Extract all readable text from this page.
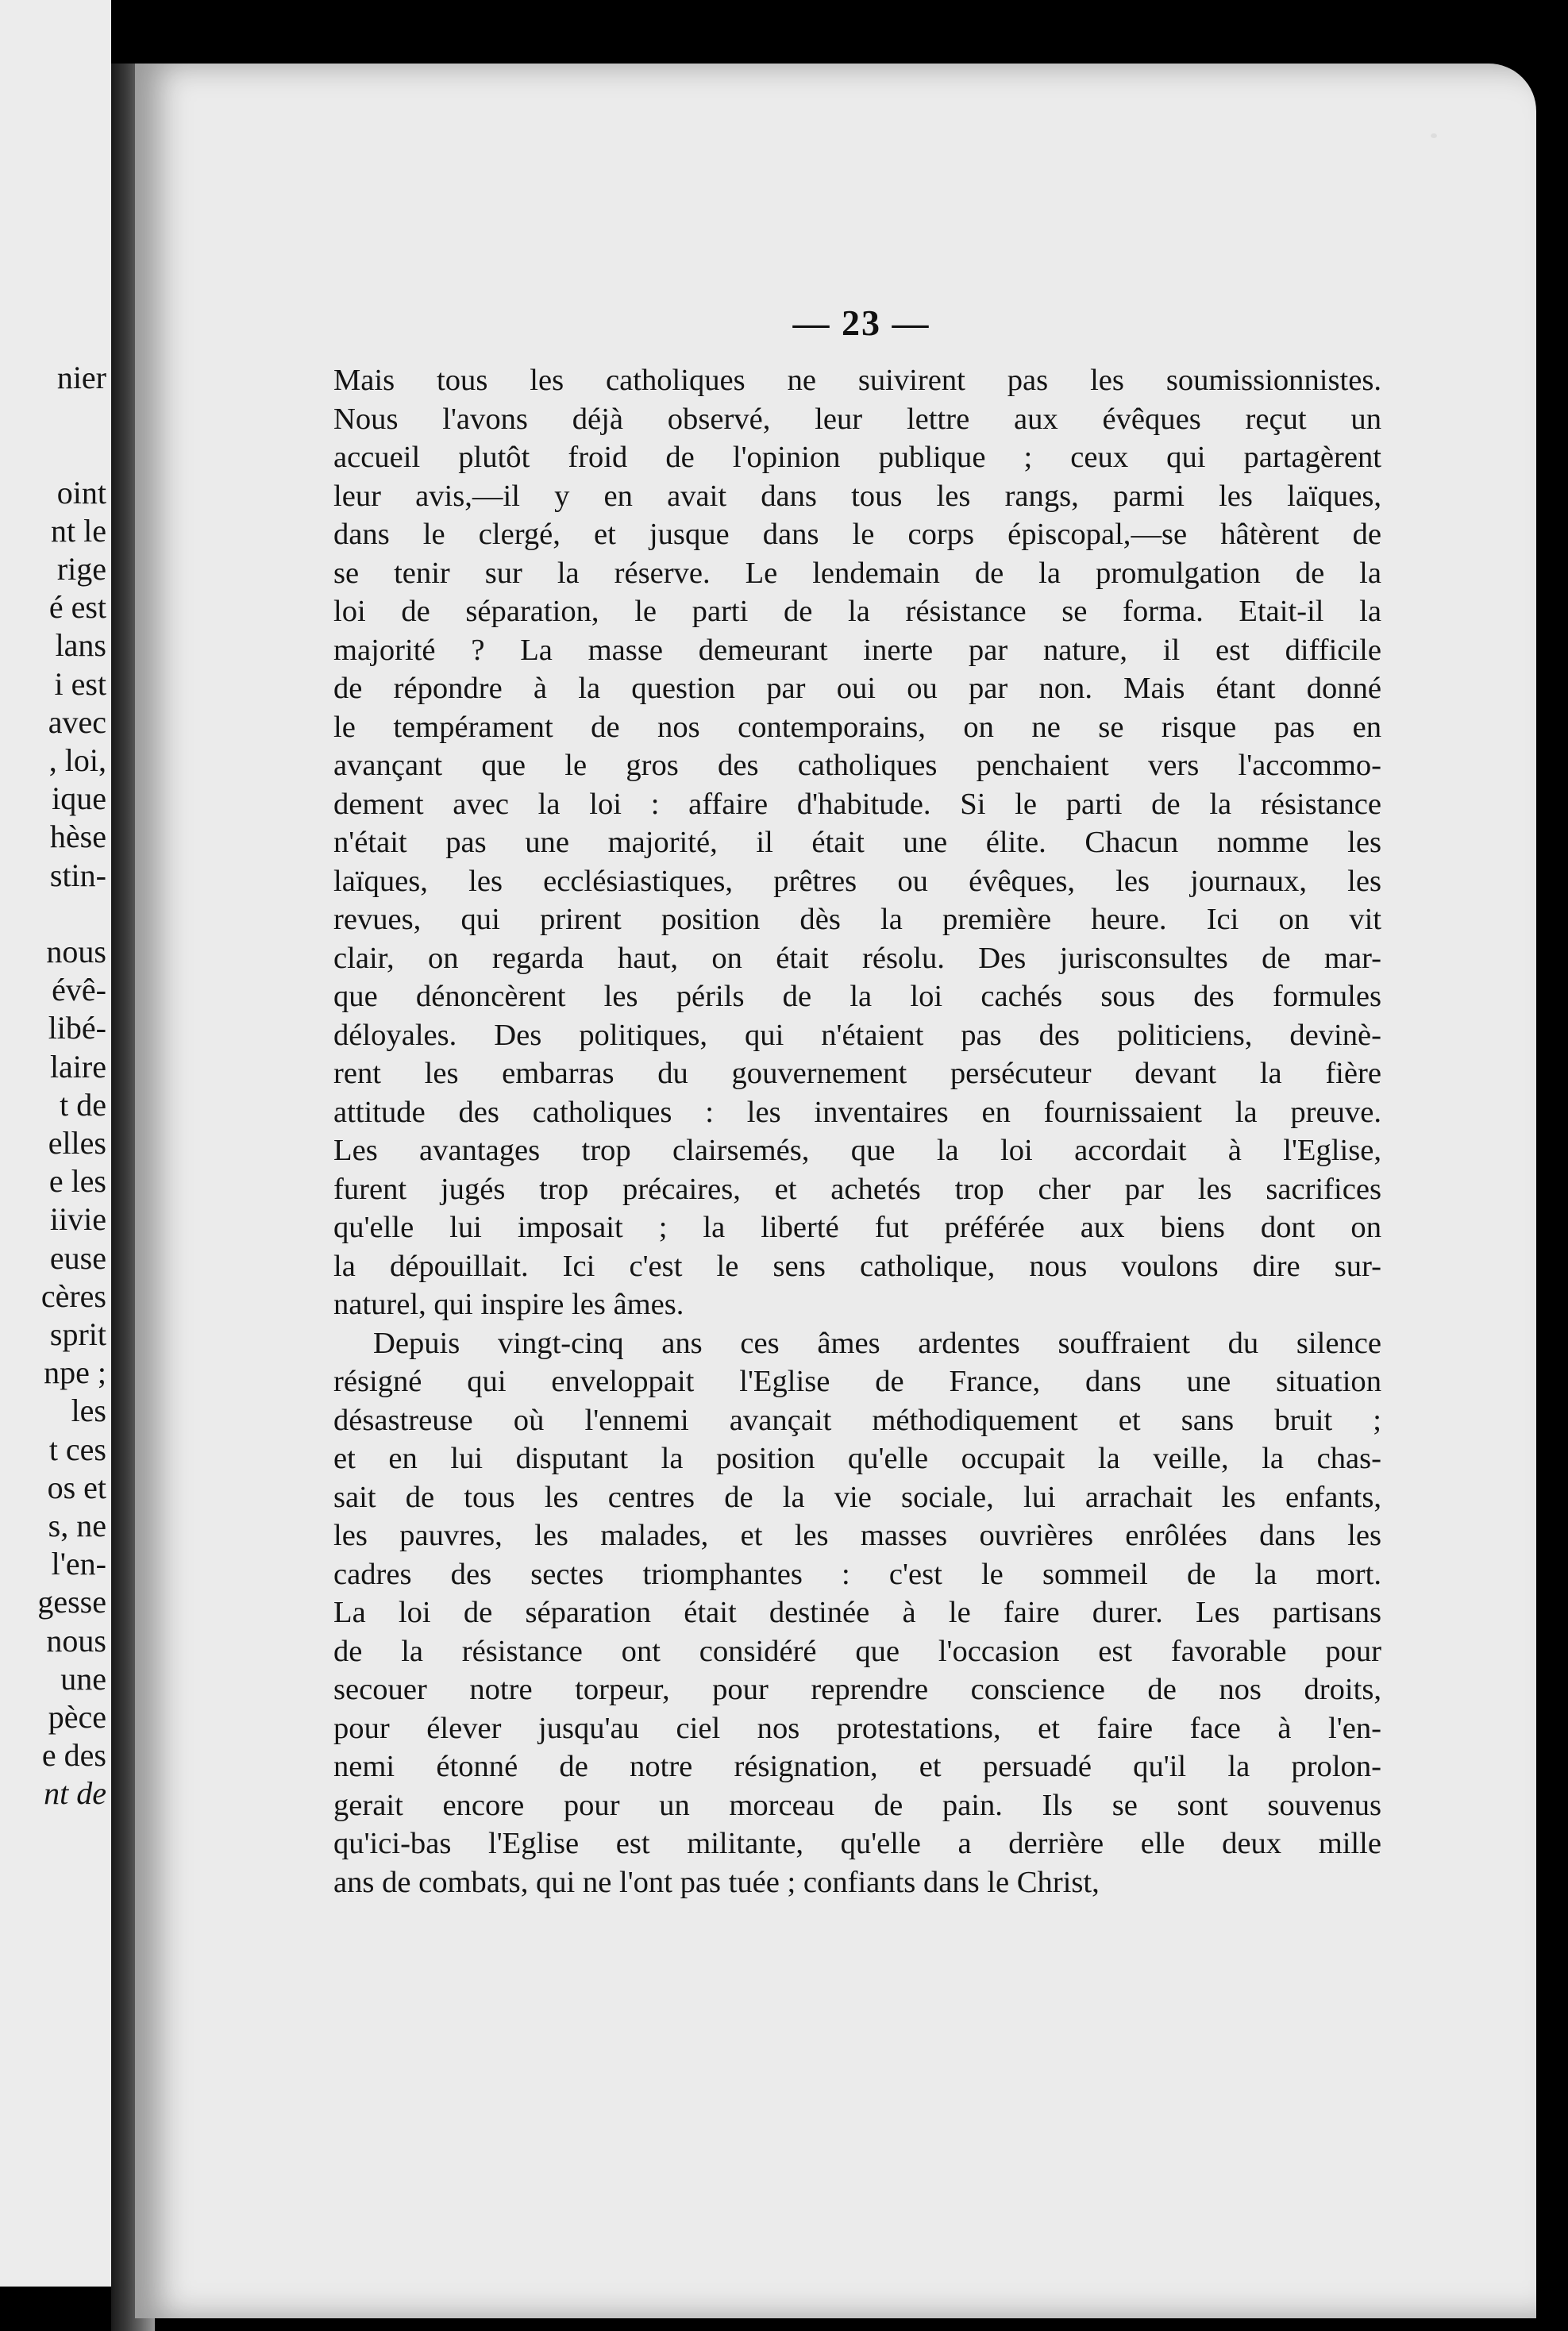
nier
oint
nt le
rige
é est
lans
i est
avec
, loi,
ique
hèse
stin-
nous
évê-
libé-
laire
t de
elles
e les
iivie
euse
cères
sprit
npe ;
les
t ces
os et
s, ne
l'en-
gesse
nous
une
pèce
e des
nt de
— 23 —
Mais tous les catholiques ne suivirent pas les soumissionnistes.
Nous l'avons déjà observé, leur lettre aux évêques reçut un
accueil plutôt froid de l'opinion publique ; ceux qui partagèrent
leur avis,—il y en avait dans tous les rangs, parmi les laïques,
dans le clergé, et jusque dans le corps épiscopal,—se hâtèrent de
se tenir sur la réserve. Le lendemain de la promulgation de la
loi de séparation, le parti de la résistance se forma. Etait-il la
majorité ? La masse demeurant inerte par nature, il est difficile
de répondre à la question par oui ou par non. Mais étant donné
le tempérament de nos contemporains, on ne se risque pas en
avançant que le gros des catholiques penchaient vers l'accommo-
dement avec la loi : affaire d'habitude. Si le parti de la résistance
n'était pas une majorité, il était une élite. Chacun nomme les
laïques, les ecclésiastiques, prêtres ou évêques, les journaux, les
revues, qui prirent position dès la première heure. Ici on vit
clair, on regarda haut, on était résolu. Des jurisconsultes de mar-
que dénoncèrent les périls de la loi cachés sous des formules
déloyales. Des politiques, qui n'étaient pas des politiciens, devinè-
rent les embarras du gouvernement persécuteur devant la fière
attitude des catholiques : les inventaires en fournissaient la preuve.
Les avantages trop clairsemés, que la loi accordait à l'Eglise,
furent jugés trop précaires, et achetés trop cher par les sacrifices
qu'elle lui imposait ; la liberté fut préférée aux biens dont on
la dépouillait. Ici c'est le sens catholique, nous voulons dire sur-
naturel, qui inspire les âmes.
Depuis vingt-cinq ans ces âmes ardentes souffraient du silence
résigné qui enveloppait l'Eglise de France, dans une situation
désastreuse où l'ennemi avançait méthodiquement et sans bruit ;
et en lui disputant la position qu'elle occupait la veille, la chas-
sait de tous les centres de la vie sociale, lui arrachait les enfants,
les pauvres, les malades, et les masses ouvrières enrôlées dans les
cadres des sectes triomphantes : c'est le sommeil de la mort.
La loi de séparation était destinée à le faire durer. Les partisans
de la résistance ont considéré que l'occasion est favorable pour
secouer notre torpeur, pour reprendre conscience de nos droits,
pour élever jusqu'au ciel nos protestations, et faire face à l'en-
nemi étonné de notre résignation, et persuadé qu'il la prolon-
gerait encore pour un morceau de pain. Ils se sont souvenus
qu'ici-bas l'Eglise est militante, qu'elle a derrière elle deux mille
ans de combats, qui ne l'ont pas tuée ; confiants dans le Christ,
